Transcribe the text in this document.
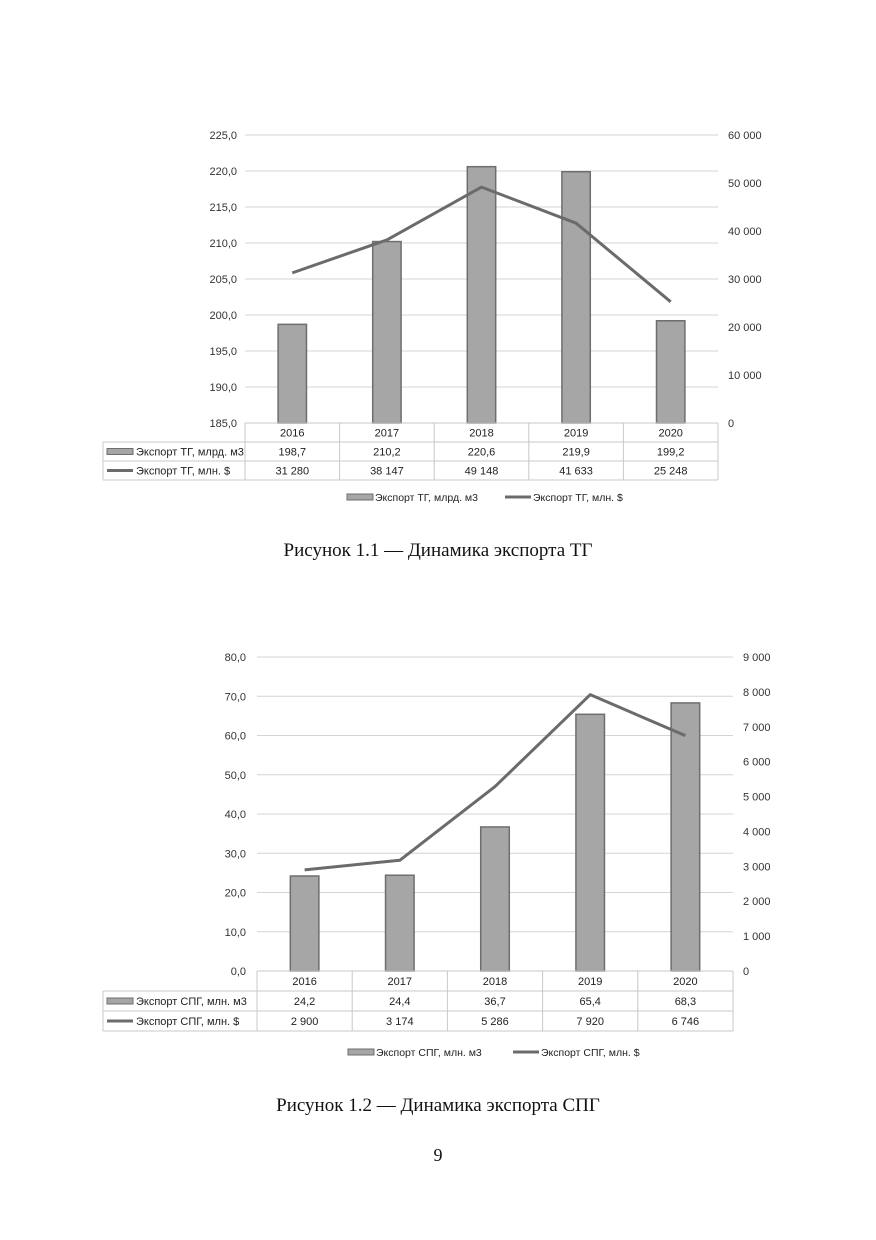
225,0
220,0
215,0
210,0
205,0
200,0
195,0
190,0
185,0
60 000
50 000
40 000
30 000
20 000
10 000
0
2016	2017	2018	2019	2020
Экспорт ТГ, млрд. м3	198,7	210,2	220,6	219,9	199,2
Экспорт ТГ, млн. $	31 280	38 147	49 148	41 633	25 248
Экспорт ТГ, млрд. м3	Экспорт ТГ, млн. $
Рисунок 1.1 — Динамика экспорта ТГ
80,0
70,0
60,0
50,0
40,0
30,0
20,0
10,0
0,0
9 000
8 000
7 000
6 000
5 000
4 000
3 000
2 000
1 000
0
2016	2017	2018	2019	2020
Экспорт СПГ, млн. м3	24,2	24,4	36,7	65,4	68,3
Экспорт СПГ, млн. $	2 900	3 174	5 286	7 920	6 746
Экспорт СПГ, млн. м3	Экспорт СПГ, млн. $
Рисунок 1.2 — Динамика экспорта СПГ
9
